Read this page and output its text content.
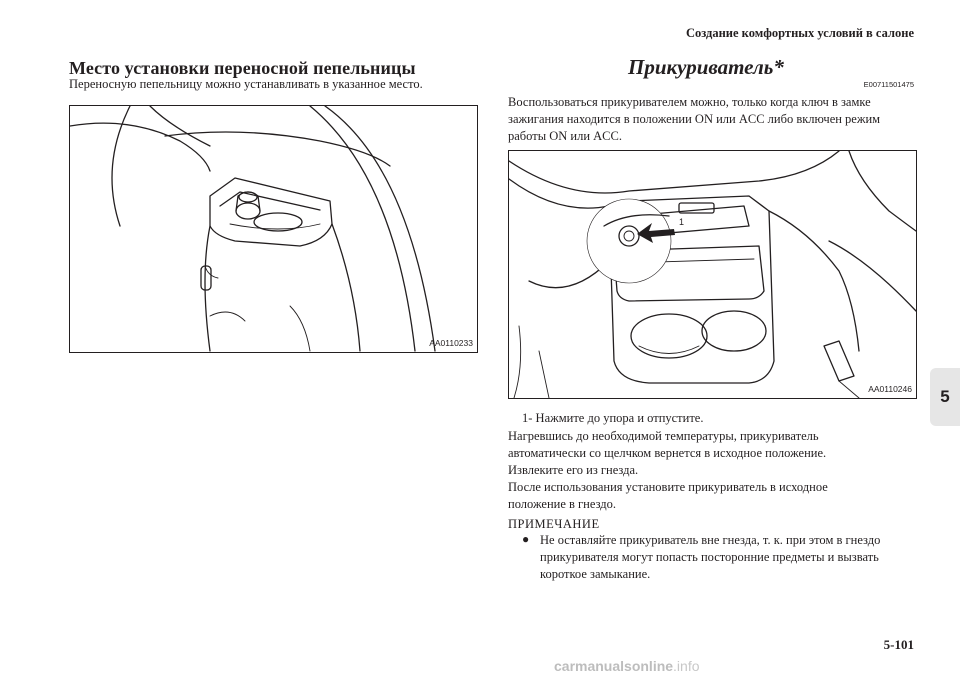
Создание комфортных условий в салоне
5
Место установки переносной пепельницы
Переносную пепельницу можно устанавливать в указанное место.
AA0110233
Прикуриватель*
E00711501475
Воспользоваться прикуривателем можно, только когда ключ в замке
зажигания находится в положении ON или ACC либо включен режим
работы ON или ACC.
1
AA0110246
1- Нажмите до упора и отпустите.
Нагревшись до необходимой температуры, прикуриватель
автоматически со щелчком вернется в исходное положение.
Извлеките его из гнезда.
После использования установите прикуриватель в исходное
положение в гнездо.
ПРИМЕЧАНИЕ
● Не оставляйте прикуриватель вне гнезда, т. к. при этом в гнездо
прикуривателя могут попасть посторонние предметы и вызвать
короткое замыкание.
5-101
carmanualsonline.info
